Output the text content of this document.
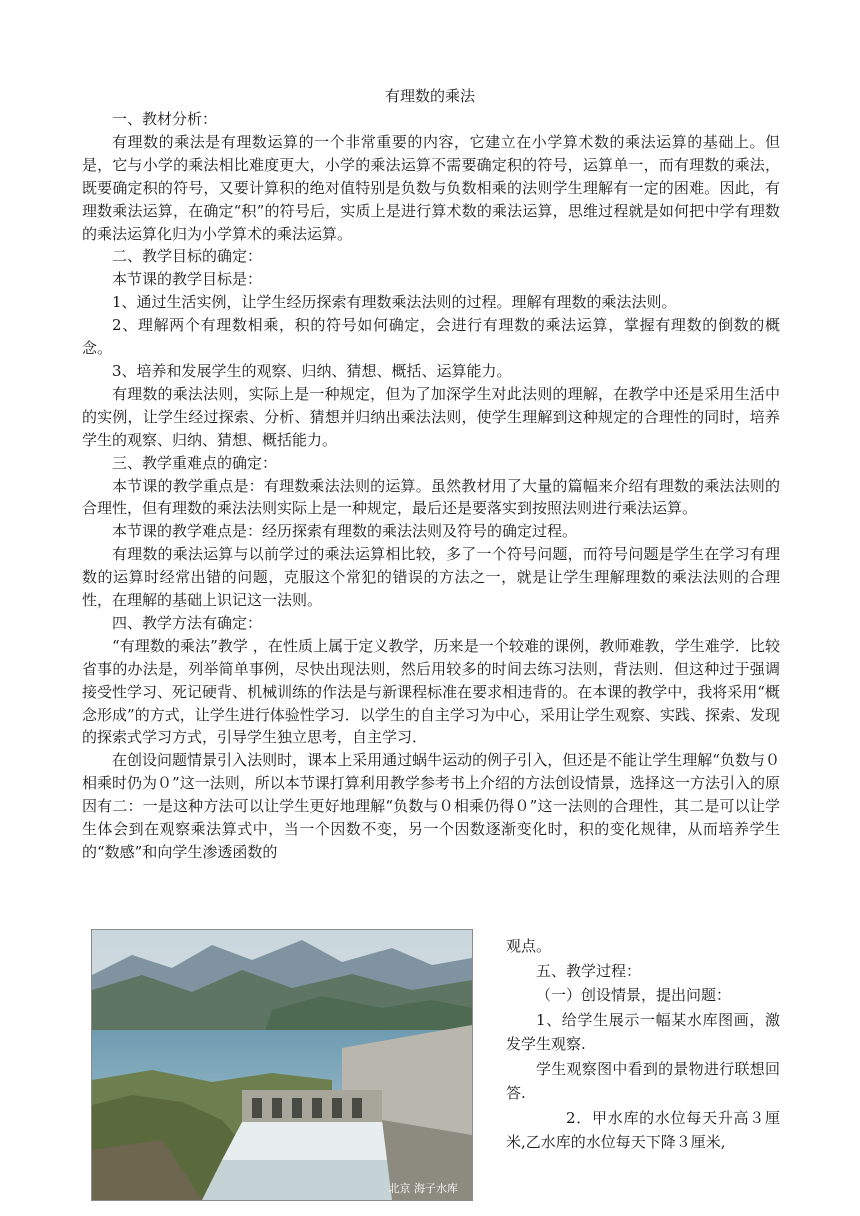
有理数的乘法

一、教材分析：

有理数的乘法是有理数运算的一个非常重要的内容，它建立在小学算术数的乘法运算的基础上。但是，它与小学的乘法相比难度更大，小学的乘法运算不需要确定积的符号，运算单一，而有理数的乘法，既要确定积的符号，又要计算积的绝对值特别是负数与负数相乘的法则学生理解有一定的困难。因此，有理数乘法运算，在确定“积”的符号后，实质上是进行算术数的乘法运算，思维过程就是如何把中学有理数的乘法运算化归为小学算术的乘法运算。

二、教学目标的确定：

本节课的教学目标是：

1、通过生活实例，让学生经历探索有理数乘法法则的过程。理解有理数的乘法法则。

2、理解两个有理数相乘，积的符号如何确定，会进行有理数的乘法运算，掌握有理数的倒数的概念。

3、培养和发展学生的观察、归纳、猜想、概括、运算能力。

有理数的乘法法则，实际上是一种规定，但为了加深学生对此法则的理解，在教学中还是采用生活中的实例，让学生经过探索、分析、猜想并归纳出乘法法则，使学生理解到这种规定的合理性的同时，培养学生的观察、归纳、猜想、概括能力。

三、教学重难点的确定：

本节课的教学重点是：有理数乘法法则的运算。虽然教材用了大量的篇幅来介绍有理数的乘法法则的合理性，但有理数的乘法法则实际上是一种规定，最后还是要落实到按照法则进行乘法运算。

本节课的教学难点是：经历探索有理数的乘法法则及符号的确定过程。

有理数的乘法运算与以前学过的乘法运算相比较，多了一个符号问题，而符号问题是学生在学习有理数的运算时经常出错的问题，克服这个常犯的错误的方法之一，就是让学生理解理数的乘法法则的合理性，在理解的基础上识记这一法则。

四、教学方法有确定：

“有理数的乘法”教学 ，在性质上属于定义教学，历来是一个较难的课例，教师难教，学生难学．比较省事的办法是，列举简单事例，尽快出现法则，然后用较多的时间去练习法则，背法则．但这种过于强调接受性学习、死记硬背、机械训练的作法是与新课程标准在要求相违背的。在本课的教学中，我将采用“概念形成”的方式，让学生进行体验性学习．以学生的自主学习为中心，采用让学生观察、实践、探索、发现的探索式学习方式，引导学生独立思考，自主学习．

在创设问题情景引入法则时，课本上采用通过蜗牛运动的例子引入，但还是不能让学生理解“负数与０相乘时仍为０”这一法则，所以本节课打算利用教学参考书上介绍的方法创设情景，选择这一方法引入的原因有二：一是这种方法可以让学生更好地理解“负数与０相乘仍得０”这一法则的合理性，其二是可以让学生体会到在观察乘法算式中，当一个因数不变，另一个因数逐渐变化时，积的变化规律，从而培养学生的“数感”和向学生渗透函数的

北京 海子水库

观点。

五、教学过程：

（一）创设情景，提出问题：

1、给学生展示一幅某水库图画，激发学生观察.

学生观察图中看到的景物进行联想回答.

2．甲水库的水位每天升高３厘米,乙水库的水位每天下降３厘米,
